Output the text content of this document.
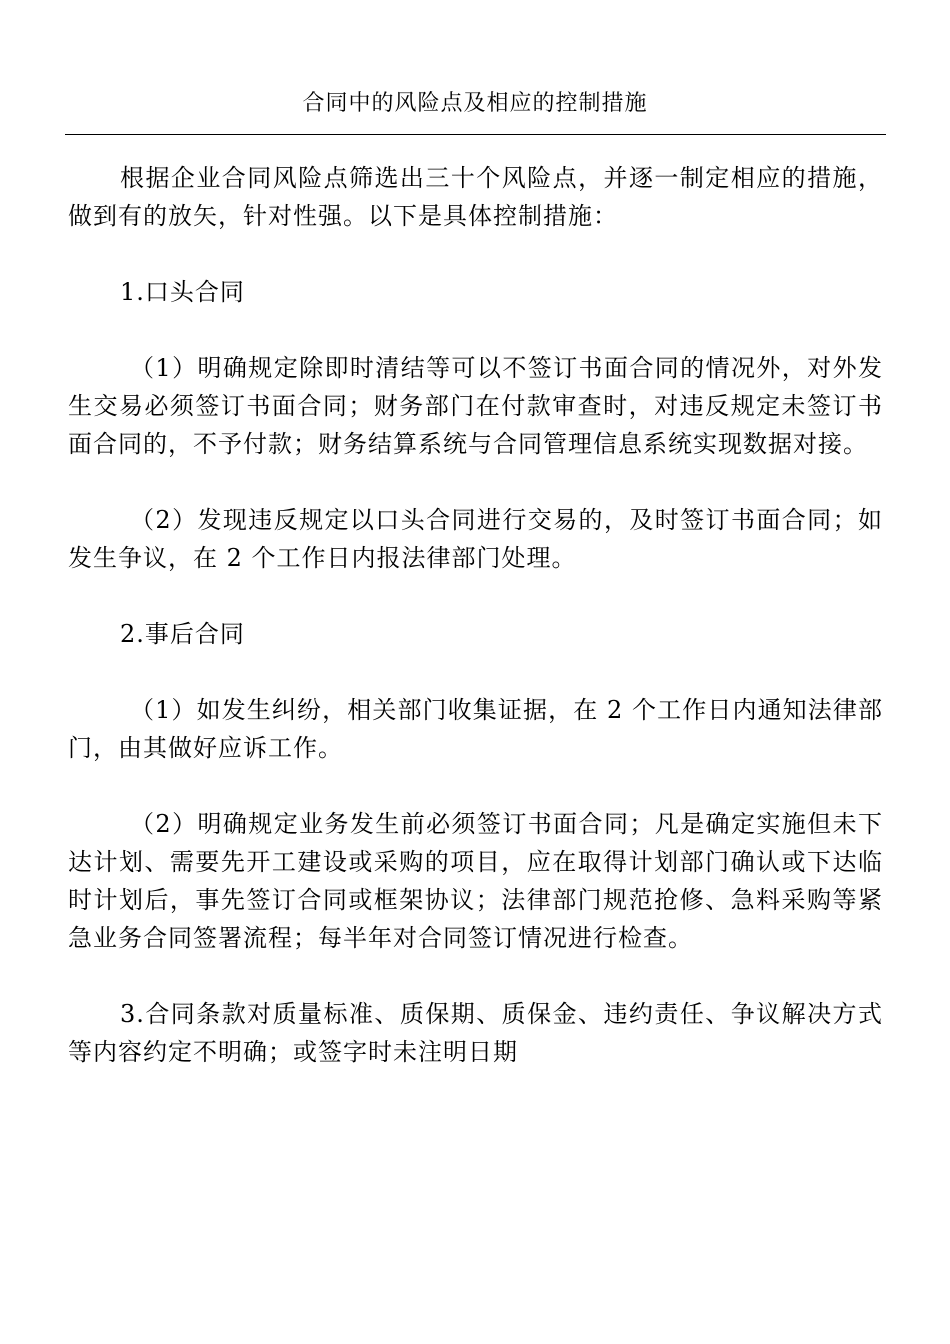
合同中的风险点及相应的控制措施

根据企业合同风险点筛选出三十个风险点，并逐一制定相应的措施，做到有的放矢，针对性强。以下是具体控制措施：

1.口头合同

（1）明确规定除即时清结等可以不签订书面合同的情况外，对外发生交易必须签订书面合同；财务部门在付款审查时，对违反规定未签订书面合同的，不予付款；财务结算系统与合同管理信息系统实现数据对接。

（2）发现违反规定以口头合同进行交易的，及时签订书面合同；如发生争议，在 2 个工作日内报法律部门处理。

2.事后合同

（1）如发生纠纷，相关部门收集证据，在 2 个工作日内通知法律部门，由其做好应诉工作。

（2）明确规定业务发生前必须签订书面合同；凡是确定实施但未下达计划、需要先开工建设或采购的项目，应在取得计划部门确认或下达临时计划后，事先签订合同或框架协议；法律部门规范抢修、急料采购等紧急业务合同签署流程；每半年对合同签订情况进行检查。

3.合同条款对质量标准、质保期、质保金、违约责任、争议解决方式等内容约定不明确；或签字时未注明日期
